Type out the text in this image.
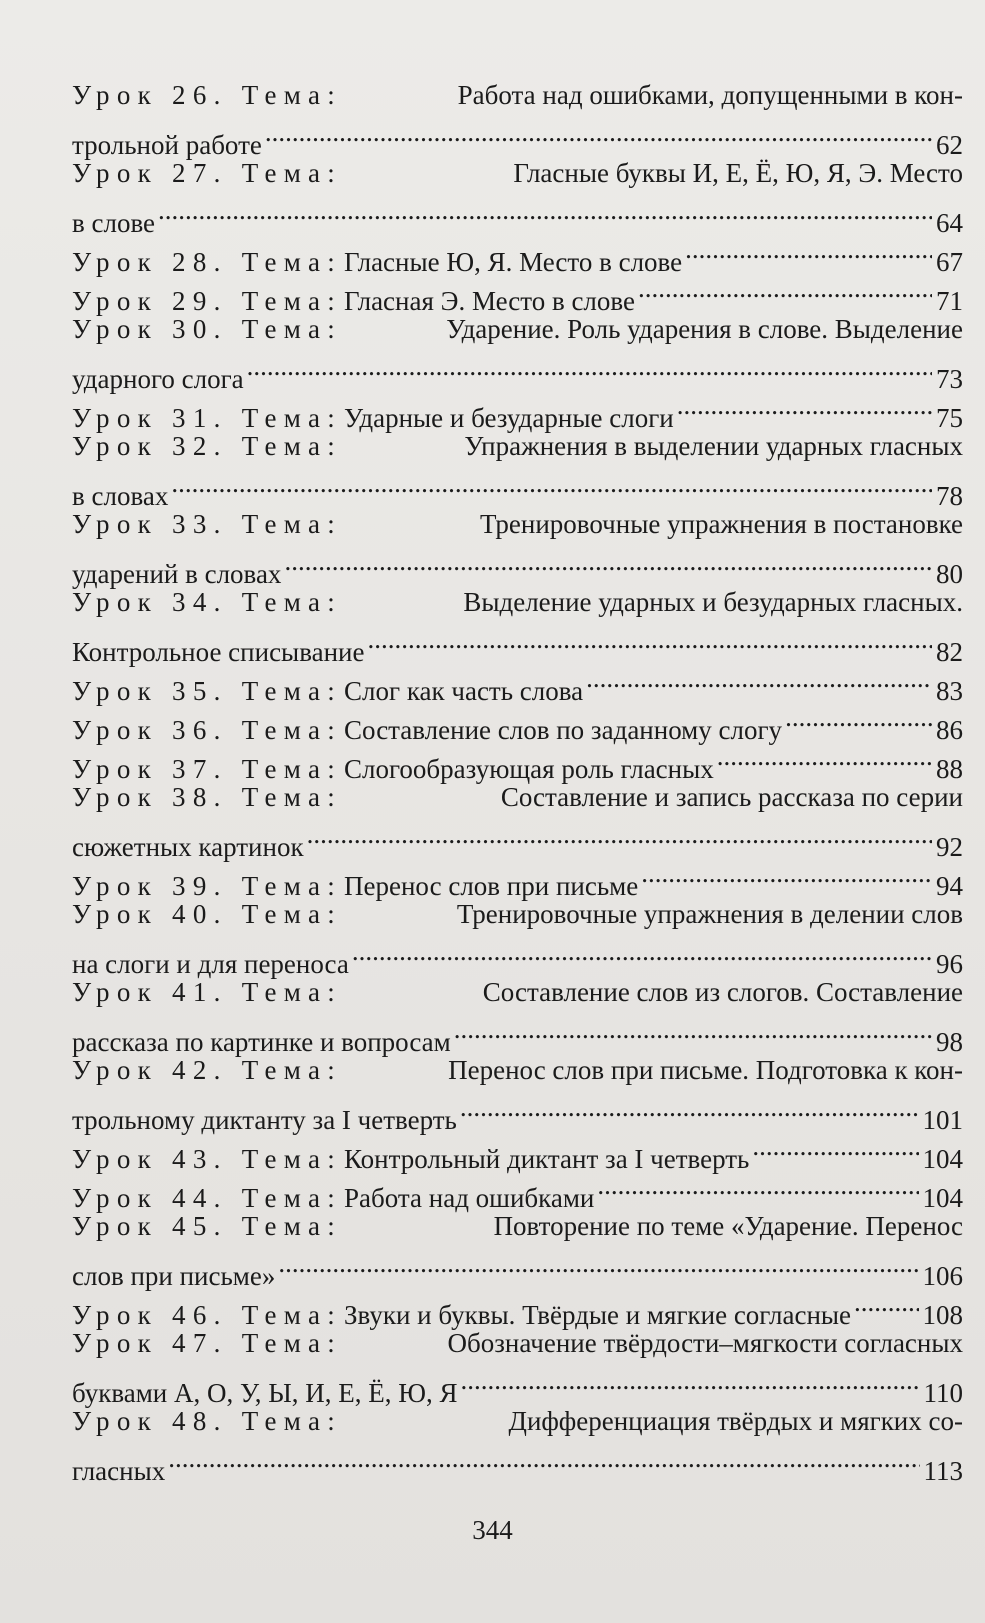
Урок 26. Тема:	Работа над ошибками, допущенными в кон-
трольной работе .....	62
Урок 27. Тема:	Гласные буквы И, Е, Ё, Ю, Я, Э. Место
в слове .....	64
Урок 28. Тема: Гласные Ю, Я. Место в слове .....	67
Урок 29. Тема: Гласная Э. Место в слове .....	71
Урок 30. Тема:	Ударение. Роль ударения в слове. Выделение
ударного слога .....	73
Урок 31. Тема: Ударные и безударные слоги .....	75
Урок 32. Тема:	Упражнения в выделении ударных гласных
в словах .....	78
Урок 33. Тема:	Тренировочные упражнения в постановке
ударений в словах .....	80
Урок 34. Тема:	Выделение ударных и безударных гласных.
Контрольное списывание .....	82
Урок 35. Тема: Слог как часть слова .....	83
Урок 36. Тема: Составление слов по заданному слогу .....	86
Урок 37. Тема: Слогообразующая роль гласных .....	88
Урок 38. Тема:	Составление и запись рассказа по серии
сюжетных картинок .....	92
Урок 39. Тема: Перенос слов при письме .....	94
Урок 40. Тема:	Тренировочные упражнения в делении слов
на слоги и для переноса .....	96
Урок 41. Тема:	Составление слов из слогов. Составление
рассказа по картинке и вопросам .....	98
Урок 42. Тема:	Перенос слов при письме. Подготовка к кон-
трольному диктанту за I четверть .....	101
Урок 43. Тема: Контрольный диктант за I четверть .....	104
Урок 44. Тема: Работа над ошибками .....	104
Урок 45. Тема:	Повторение по теме «Ударение. Перенос
слов при письме» .....	106
Урок 46. Тема: Звуки и буквы. Твёрдые и мягкие согласные .....	108
Урок 47. Тема:	Обозначение твёрдости–мягкости согласных
буквами А, О, У, Ы, И, Е, Ё, Ю, Я .....	110
Урок 48. Тема:	Дифференциация твёрдых и мягких со-
гласных .....	113
344
